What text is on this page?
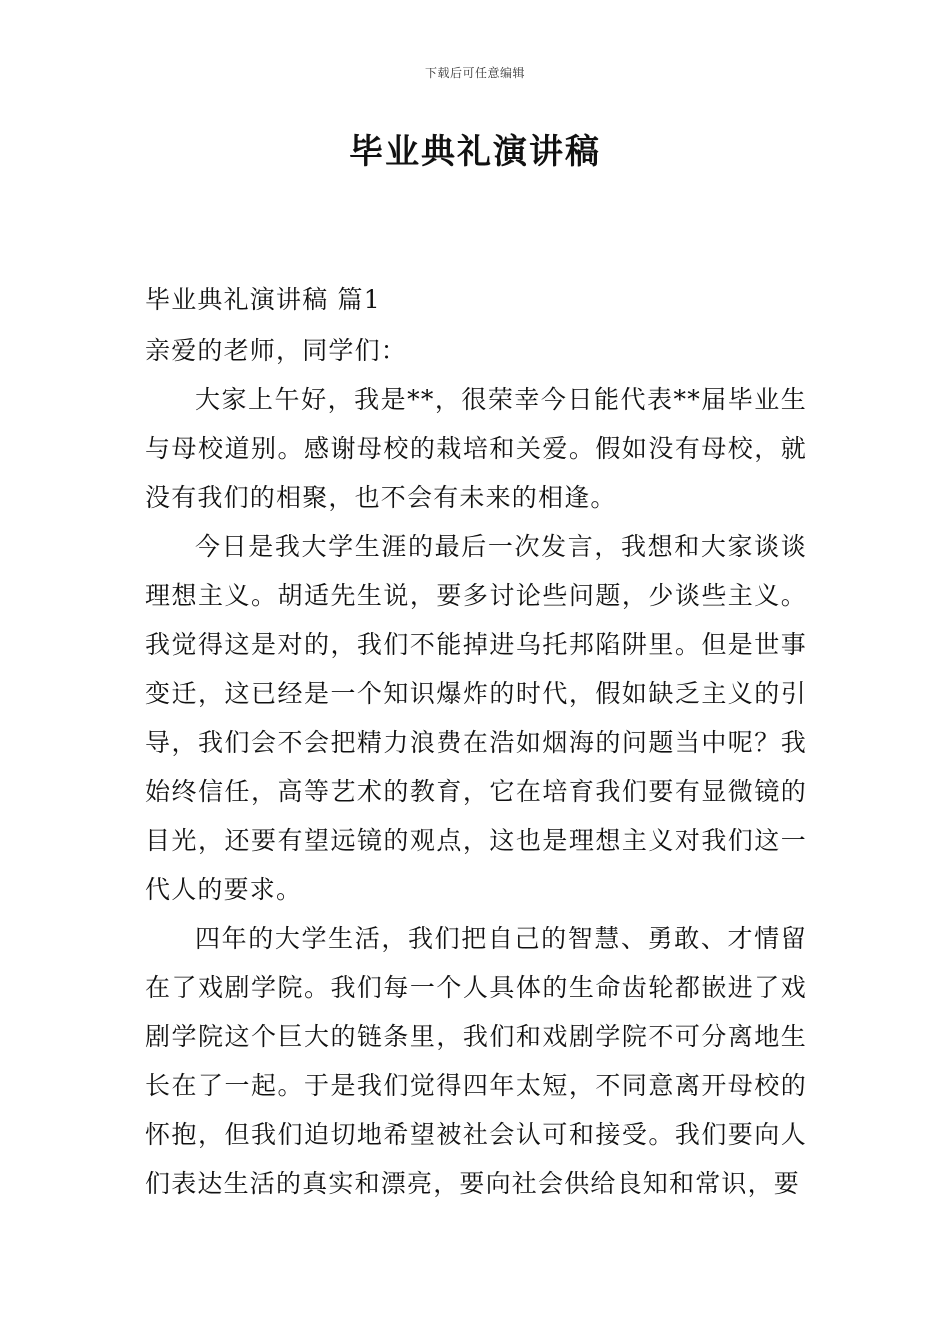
下载后可任意编辑
毕业典礼演讲稿
毕业典礼演讲稿 篇1

亲爱的老师，同学们：

大家上午好，我是**，很荣幸今日能代表**届毕业生与母校道别。感谢母校的栽培和关爱。假如没有母校，就没有我们的相聚，也不会有未来的相逢。

今日是我大学生涯的最后一次发言，我想和大家谈谈理想主义。胡适先生说，要多讨论些问题，少谈些主义。我觉得这是对的，我们不能掉进乌托邦陷阱里。但是世事变迁，这已经是一个知识爆炸的时代，假如缺乏主义的引导，我们会不会把精力浪费在浩如烟海的问题当中呢？我始终信任，高等艺术的教育，它在培育我们要有显微镜的目光，还要有望远镜的观点，这也是理想主义对我们这一代人的要求。

四年的大学生活，我们把自己的智慧、勇敢、才情留在了戏剧学院。我们每一个人具体的生命齿轮都嵌进了戏剧学院这个巨大的链条里，我们和戏剧学院不可分离地生长在了一起。于是我们觉得四年太短，不同意离开母校的怀抱，但我们迫切地希望被社会认可和接受。我们要向人们表达生活的真实和漂亮，要向社会供给良知和常识，要
